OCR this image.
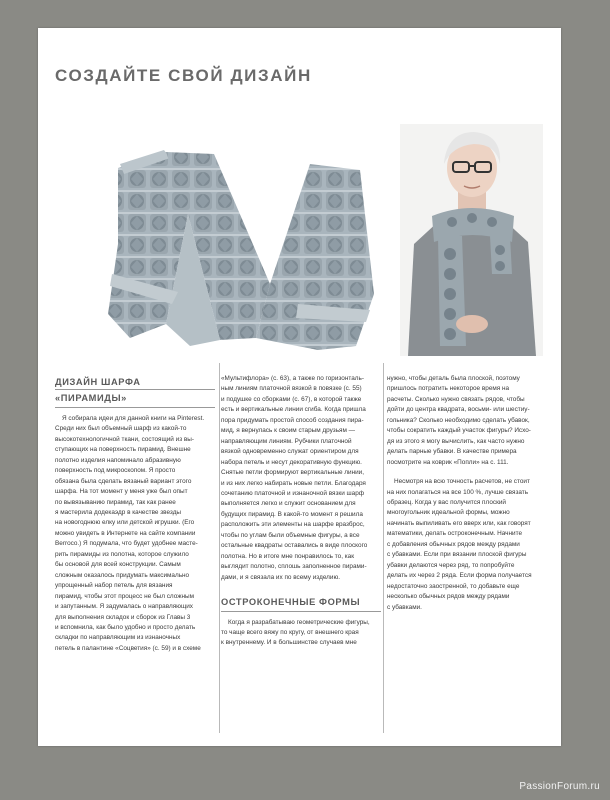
СОЗДАЙТЕ СВОЙ ДИЗАЙН
ДИЗАЙН ШАРФА
«ПИРАМИДЫ»

Я собирала идеи для данной книги на Pinterest.

Среди них был объемный шарф из какой-то

высокотехнологичной ткани, состоящий из вы-

ступающих на поверхность пирамид. Внешне

полотно изделия напоминало абразивную

поверхность под микроскопом. Я просто

обязана была сделать вязаный вариант этого

шарфа. На тот момент у меня уже был опыт

по вывязыванию пирамид, так как ранее

я мастерила додекаэдр в качестве звезды

на новогоднюю елку или детской игрушки. (Его

можно увидеть в Интернете на сайте компании

Berroco.) Я подумала, что будет удобнее масте-

рить пирамиды из полотна, которое служило

бы основой для всей конструкции. Самым

сложным оказалось придумать максимально

упрощенный набор петель для вязания

пирамид, чтобы этот процесс не был сложным

и запутанным. Я задумалась о направляющих

для выполнения складок и сборок из Главы 3

и вспомнила, как было удобно и просто делать

складки по направляющим из изнаночных

петель в палантине «Соцветия» (с. 59) и в схеме

«Мультифлора» (с. 63), а также по горизонталь-

ным линиям платочной вязкой в повязке (с. 55)

и подушке со сборками (с. 67), в которой также

есть и вертикальные линии сгиба. Когда пришла

пора придумать простой способ создания пира-

мид, я вернулась к своим старым друзьям —

направляющим линиям. Рубчики платочной

вязкой одновременно служат ориентиром для

набора петель и несут декоративную функцию.

Снятые петли формируют вертикальные линии,

и из них легко набирать новые петли. Благодаря

сочетанию платочной и изнаночной вязки шарф

выполняется легко и служит основанием для

будущих пирамид. В какой-то момент я решила

расположить эти элементы на шарфе вразброс,

чтобы по углам были объемные фигуры, а все

остальные квадраты оставались в виде плоского

полотна. Но в итоге мне понравилось то, как

выглядит полотно, сплошь заполненное пирами-

дами, и я связала их по всему изделию.

ОСТРОКОНЕЧНЫЕ ФОРМЫ

Когда я разрабатываю геометрические фигуры,

то чаще всего вяжу по кругу, от внешнего края

к внутреннему. И в большинстве случаев мне

нужно, чтобы деталь была плоской, поэтому

пришлось потратить некоторое время на

расчеты. Сколько нужно связать рядов, чтобы

дойти до центра квадрата, восьми- или шестиу-

гольника? Сколько необходимо сделать убавок,

чтобы сократить каждый участок фигуры? Исхо-

дя из этого я могу вычислить, как часто нужно

делать парные убавки. В качестве примера

посмотрите на коврик «Попли» на с. 111.

Несмотря на всю точность расчетов, не стоит

на них полагаться на все 100 %, лучше связать

образец. Когда у вас получится плоский

многоугольник идеальной формы, можно

начинать выпиливать его вверх или, как говорят

математики, делать остроконечным. Начните

с добавления обычных рядов между рядами

с убавками. Если при вязании плоской фигуры

убавки делаются через ряд, то попробуйте

делать их через 2 ряда. Если форма получается

недостаточно заостренной, то добавьте еще

несколько обычных рядов между рядами

с убавками.

PassionForum.ru
